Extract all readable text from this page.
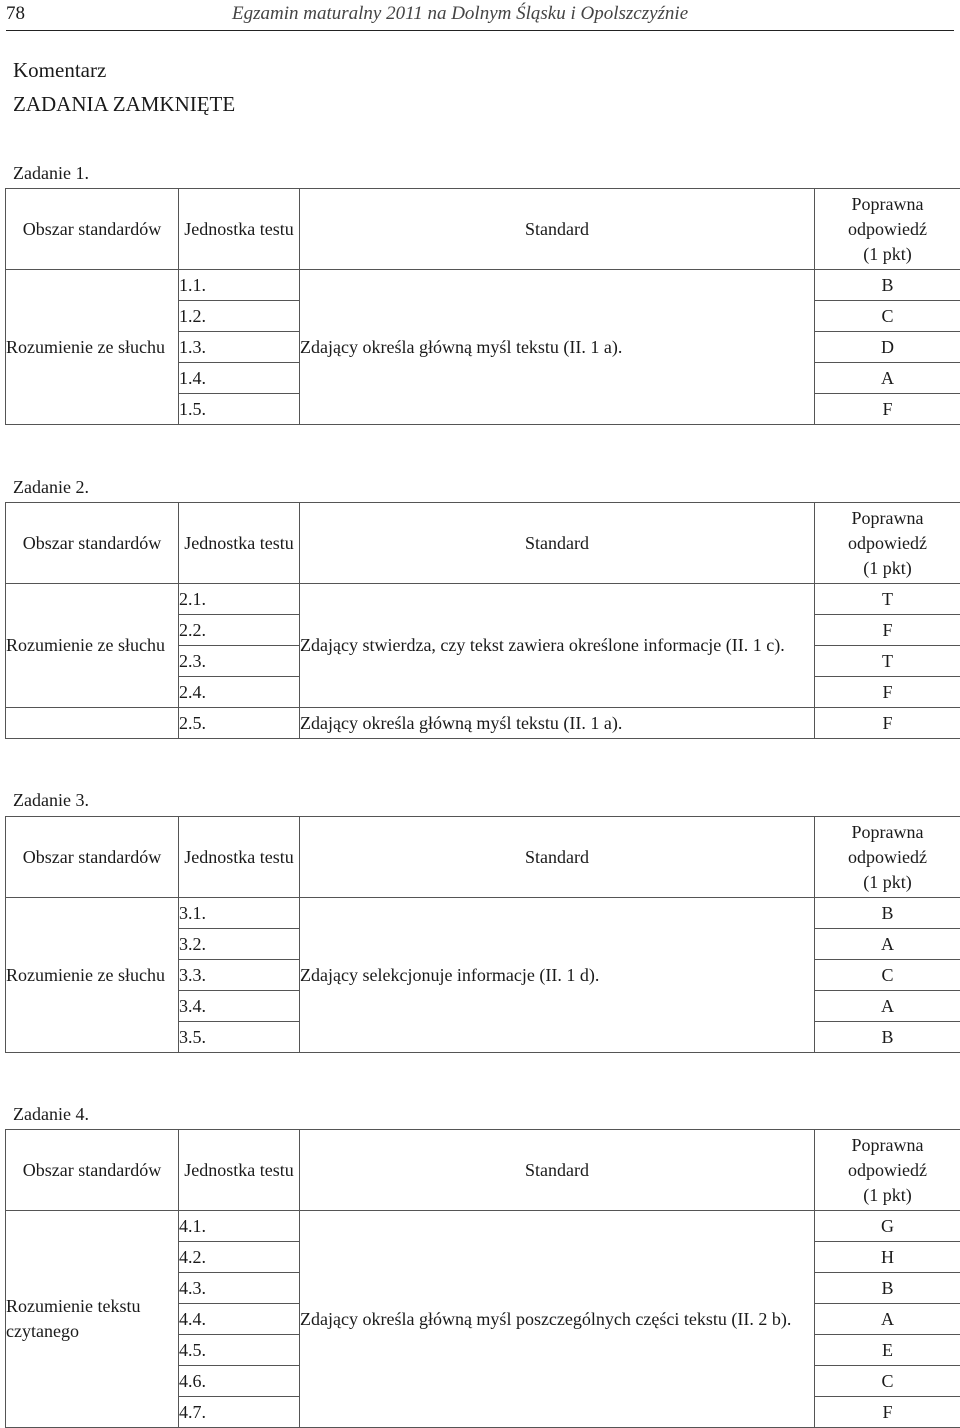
78	Egzamin maturalny 2011 na Dolnym Śląsku i Opolszczyźnie
Komentarz
ZADANIA ZAMKNIĘTE
Zadanie 1.
Obszar standardów	Jednostka testu	Standard	Poprawna
odpowiedź
(1 pkt)
Rozumienie ze słuchu	1.1.	Zdający określa główną myśl tekstu (II. 1 a).	B
	1.2.		C
	1.3.		D
	1.4.		A
	1.5.		F
Zadanie 2.
Obszar standardów	Jednostka testu	Standard	Poprawna
odpowiedź
(1 pkt)
Rozumienie ze słuchu	2.1.	Zdający stwierdza, czy tekst zawiera określone informacje (II. 1 c).	T
	2.2.		F
	2.3.		T
	2.4.		F
	2.5.	Zdający określa główną myśl tekstu (II. 1 a).	F
Zadanie 3.
Obszar standardów	Jednostka testu	Standard	Poprawna
odpowiedź
(1 pkt)
Rozumienie ze słuchu	3.1.	Zdający selekcjonuje informacje (II. 1 d).	B
	3.2.		A
	3.3.		C
	3.4.		A
	3.5.		B
Zadanie 4.
Obszar standardów	Jednostka testu	Standard	Poprawna
odpowiedź
(1 pkt)
Rozumienie tekstu czytanego	4.1.	Zdający określa główną myśl poszczególnych części tekstu (II. 2 b).	G
	4.2.		H
	4.3.		B
	4.4.		A
	4.5.		E
	4.6.		C
	4.7.		F
